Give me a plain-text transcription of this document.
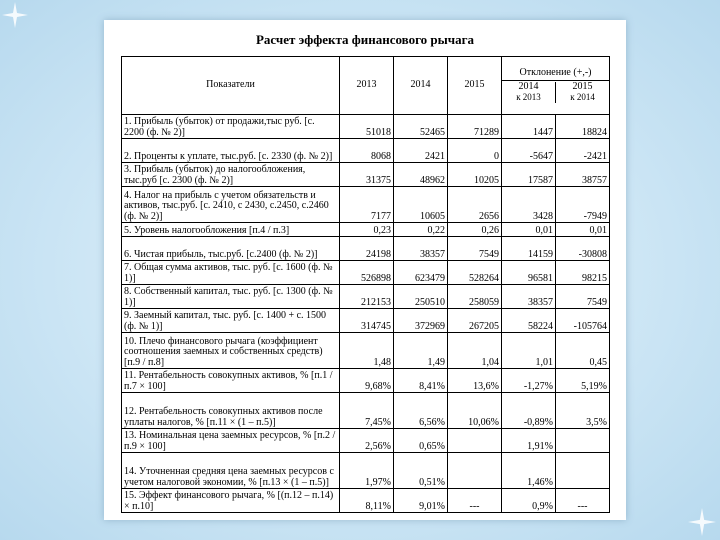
Расчет эффекта финансового рычага
Показатели	2013	2014	2015	Отклонение (+,-)
2014
к 2013
2015
к 2014	

1. Прибыль (убыток) от продажи,тыс руб. [с. 2200 (ф. № 2)]	51018	52465	71289	1447	18824
2. Проценты к уплате, тыс.руб. [с. 2330 (ф. № 2)]	8068	2421	0	-5647	-2421
3. Прибыль (убыток) до налогообложения, тыс.руб [с. 2300 (ф. № 2)]	31375	48962	10205	17587	38757
4. Налог на прибыль с учетом обязательств и активов, тыс.руб. [с. 2410, с 2430, с.2450, с.2460 (ф. № 2)]	7177	10605	2656	3428	-7949
5. Уровень налогообложения [п.4 / п.3]	0,23	0,22	0,26	0,01	0,01
6. Чистая прибыль, тыс.руб. [с.2400 (ф. № 2)]	24198	38357	7549	14159	-30808
7. Общая сумма активов, тыс. руб. [с. 1600 (ф. № 1)]	526898	623479	528264	96581	98215
8. Собственный капитал, тыс. руб. [с. 1300 (ф. № 1)]	212153	250510	258059	38357	7549
9. Заемный капитал, тыс. руб. [с. 1400 + с. 1500 (ф. № 1)]	314745	372969	267205	58224	-105764
10. Плечо финансового рычага (коэффициент соотношения заемных и собственных средств) [п.9 / п.8]	1,48	1,49	1,04	1,01	0,45
11. Рентабельность совокупных активов, % [п.1 / п.7 × 100]	9,68%	8,41%	13,6%	-1,27%	5,19%
12. Рентабельность совокупных активов после уплаты налогов, % [п.11 × (1 – п.5)]	7,45%	6,56%	10,06%	-0,89%	3,5%
13. Номинальная цена заемных ресурсов, % [п.2 / п.9 × 100]	2,56%	0,65%		1,91%	
14. Уточненная средняя цена заемных ресурсов с учетом налоговой экономии, % [п.13 × (1 – п.5)]	1,97%	0,51%		1,46%	
15. Эффект финансового рычага, % [(п.12 – п.14) × п.10]	8,11%	9,01%	---	0,9%	---
